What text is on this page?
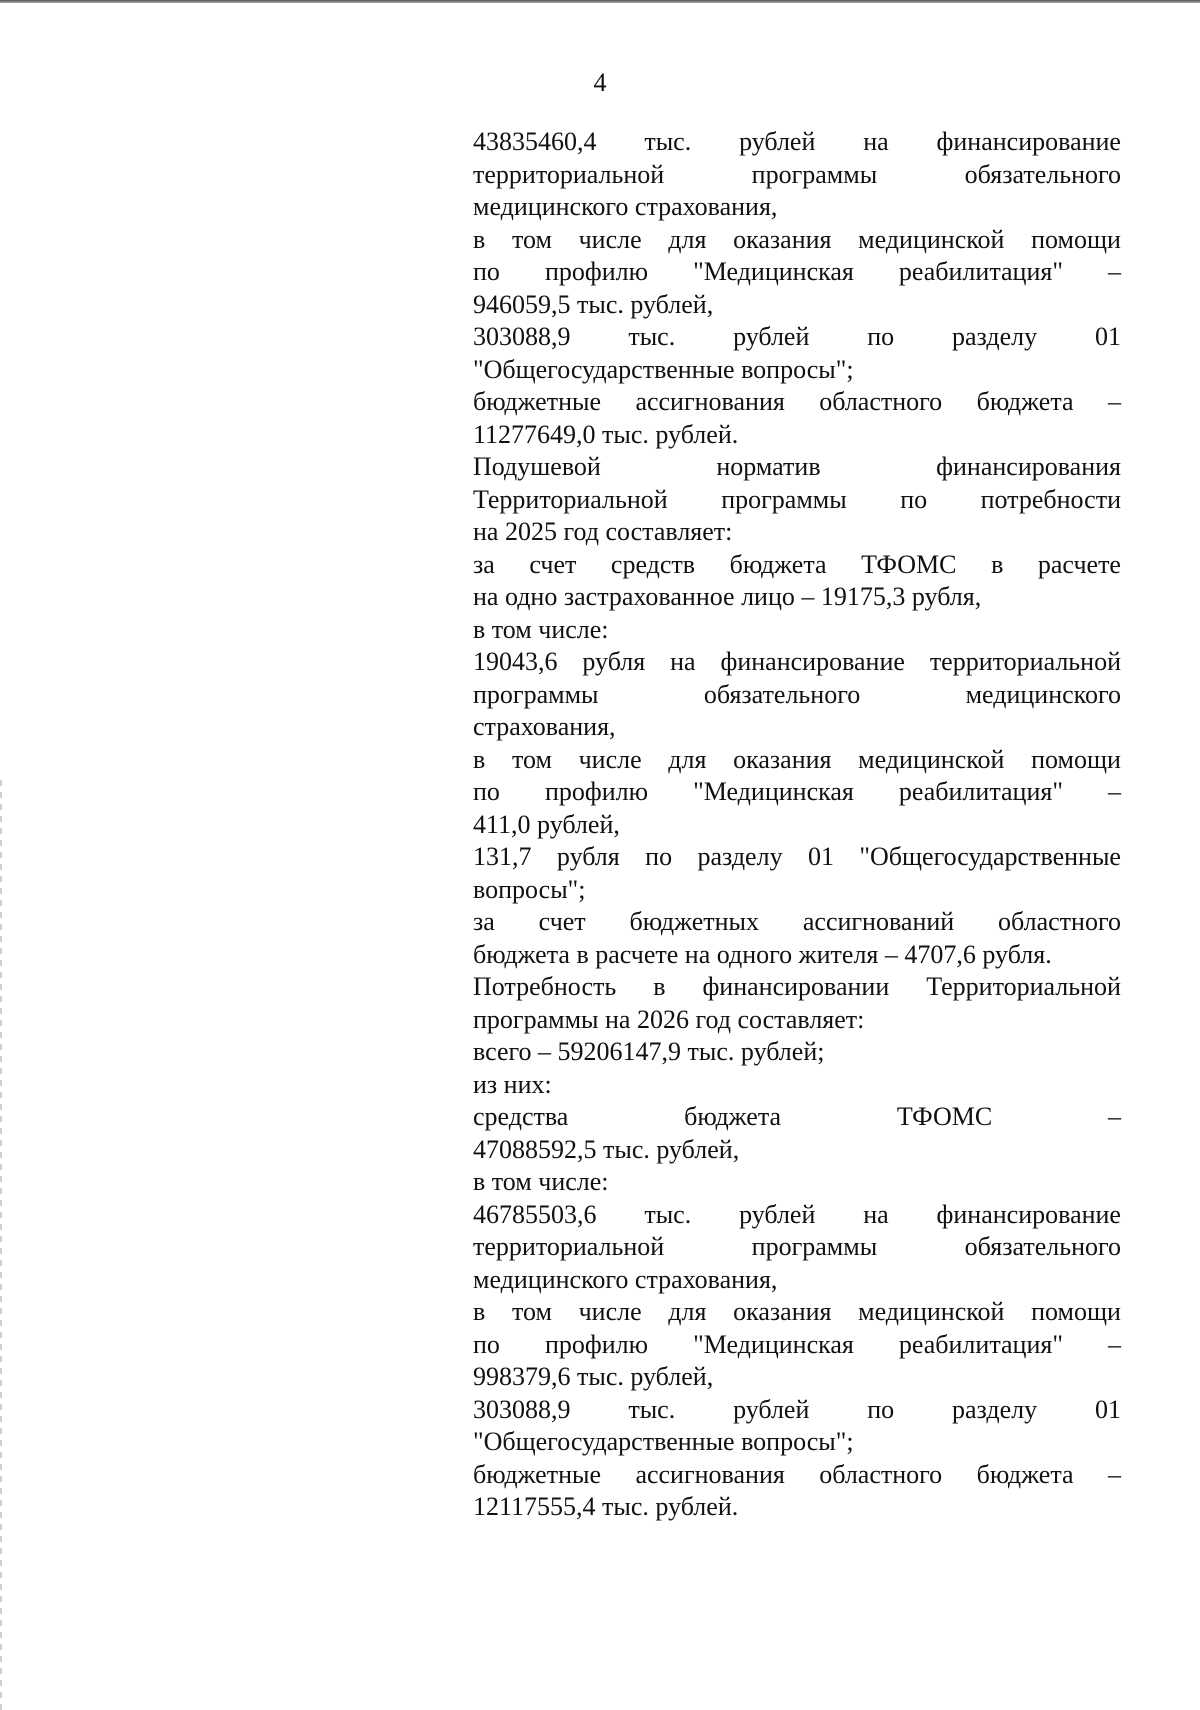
4
43835460,4 тыс. рублей на финансирование
территориальной	программы	обязательного
медицинского страхования,
в том числе для оказания медицинской помощи
по профилю "Медицинская реабилитация" –
946059,5 тыс. рублей,
303088,9 тыс. рублей по разделу 01
"Общегосударственные вопросы";
бюджетные ассигнования областного бюджета –
11277649,0 тыс. рублей.
Подушевой	норматив	финансирования
Территориальной программы по потребности
на 2025 год составляет:
за счет средств бюджета ТФОМС в расчете
на одно застрахованное лицо – 19175,3 рубля,
в том числе:
19043,6 рубля на финансирование территориальной
программы	обязательного	медицинского
страхования,
в том числе для оказания медицинской помощи
по профилю "Медицинская реабилитация" –
411,0 рублей,
131,7 рубля по разделу 01 "Общегосударственные
вопросы";
за счет бюджетных ассигнований областного
бюджета в расчете на одного жителя – 4707,6 рубля.
Потребность в финансировании Территориальной
программы на 2026 год составляет:
всего – 59206147,9 тыс. рублей;
из них:
средства	бюджета	ТФОМС	–
47088592,5 тыс. рублей,
в том числе:
46785503,6 тыс. рублей на финансирование
территориальной	программы	обязательного
медицинского страхования,
в том числе для оказания медицинской помощи
по профилю "Медицинская реабилитация" –
998379,6 тыс. рублей,
303088,9 тыс. рублей по разделу 01
"Общегосударственные вопросы";
бюджетные ассигнования областного бюджета –
12117555,4 тыс. рублей.
